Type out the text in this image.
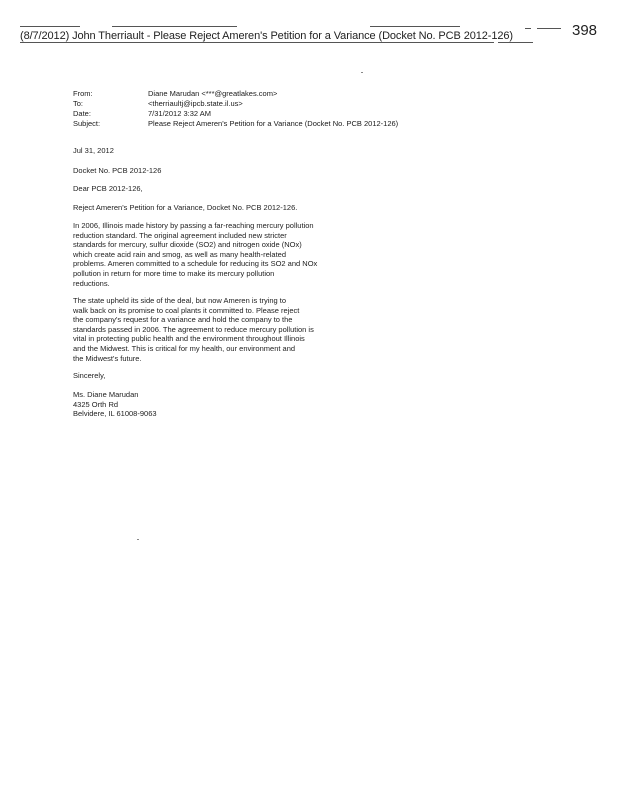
(8/7/2012) John Therriault - Please Reject Ameren's Petition for a Variance (Docket No. PCB 2012-126)	398
From:	Diane Marudan <***@greatlakes.com>
To:	<therriaultj@ipcb.state.il.us>
Date:	7/31/2012 3:32 AM
Subject:	Please Reject Ameren's Petition for a Variance (Docket No. PCB 2012-126)
Jul 31, 2012
Docket No. PCB 2012-126
Dear PCB 2012-126,
Reject Ameren's Petition for a Variance, Docket No. PCB 2012-126.
In 2006, Illinois made history by passing a far-reaching mercury pollution
reduction standard. The original agreement included new stricter
standards for mercury, sulfur dioxide (SO2) and nitrogen oxide (NOx)
which create acid rain and smog, as well as many health-related
problems. Ameren committed to a schedule for reducing its SO2 and NOx
pollution in return for more time to make its mercury pollution
reductions.
The state upheld its side of the deal, but now Ameren is trying to
walk back on its promise to coal plants it committed to. Please reject
the company's request for a variance and hold the company to the
standards passed in 2006. The agreement to reduce mercury pollution is
vital in protecting public health and the environment throughout Illinois
and the Midwest. This is critical for my health, our environment and
the Midwest's future.
Sincerely,
Ms. Diane Marudan
4325 Orth Rd
Belvidere, IL 61008-9063
